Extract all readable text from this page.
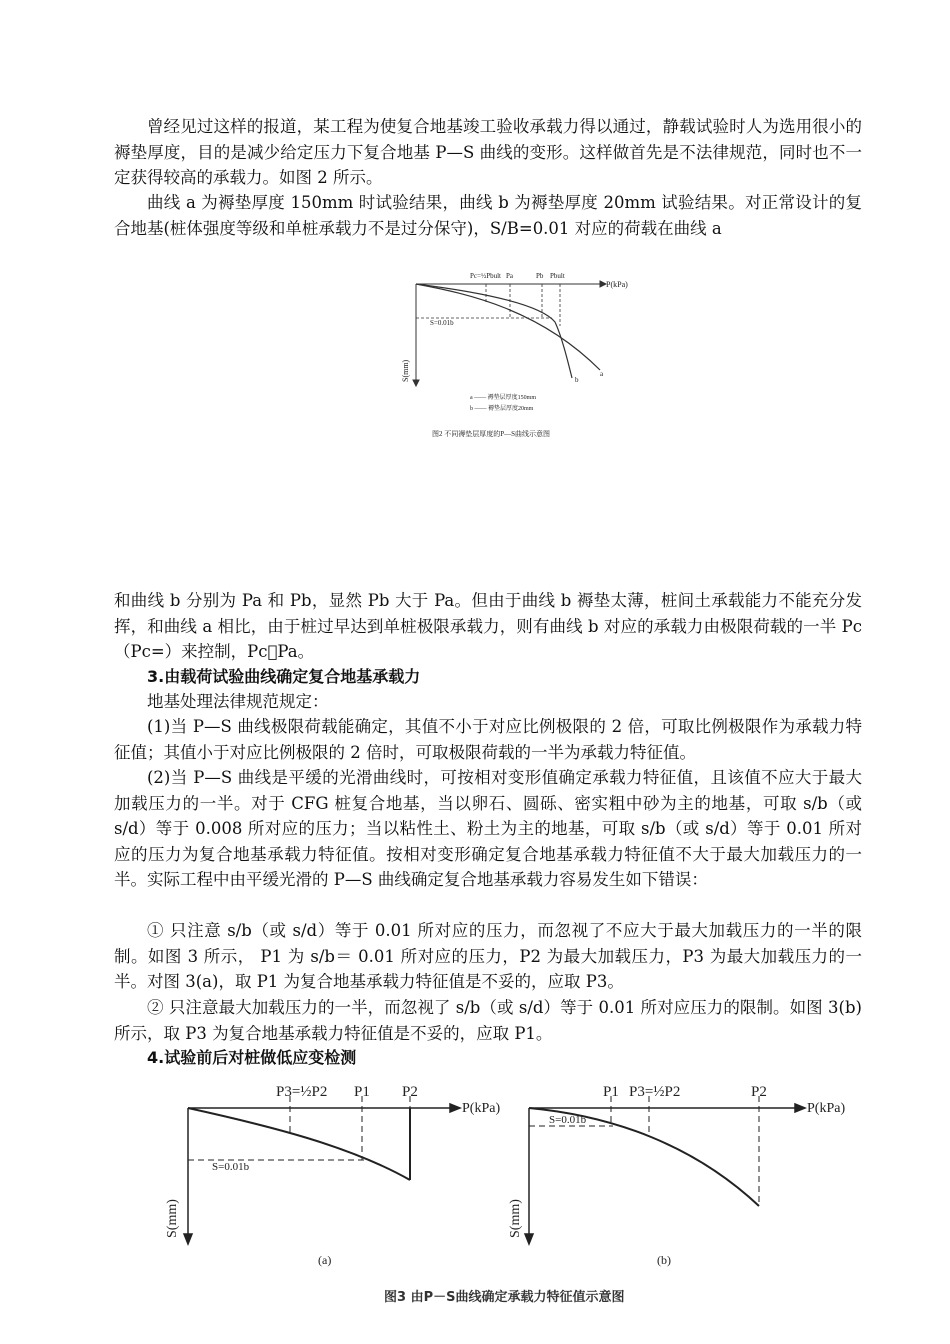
曾经见过这样的报道，某工程为使复合地基竣工验收承载力得以通过，静载试验时人为选用很小的褥垫厚度，目的是减少给定压力下复合地基 P—S 曲线的变形。这样做首先是不法律规范，同时也不一定获得较高的承载力。如图 2 所示。

曲线 a 为褥垫厚度 150mm 时试验结果，曲线 b 为褥垫厚度 20mm 试验结果。对正常设计的复合地基(桩体强度等级和单桩承载力不是过分保守)，S/B=0.01 对应的荷载在曲线 a

Pc=½Pbult Pa	Pb Pbult
P(kPa)
S(mm)
S=0.01b
a
b
a —— 褥垫层厚度150mm
b —— 褥垫层厚度20mm
图2 不同褥垫层厚度的P—S曲线示意图

和曲线 b 分别为 Pa 和 Pb，显然 Pb 大于 Pa。但由于曲线 b 褥垫太薄，桩间土承载能力不能充分发挥，和曲线 a 相比，由于桩过早达到单桩极限承载力，则有曲线 b 对应的承载力由极限荷载的一半 Pc（Pc=）来控制，Pc Pa。

3.由载荷试验曲线确定复合地基承载力

地基处理法律规范规定：

(1)当 P—S 曲线极限荷载能确定，其值不小于对应比例极限的 2 倍，可取比例极限作为承载力特征值；其值小于对应比例极限的 2 倍时，可取极限荷载的一半为承载力特征值。

(2)当 P—S 曲线是平缓的光滑曲线时，可按相对变形值确定承载力特征值，且该值不应大于最大加载压力的一半。对于 CFG 桩复合地基，当以卵石、圆砾、密实粗中砂为主的地基，可取 s/b（或 s/d）等于 0.008 所对应的压力；当以粘性土、粉土为主的地基，可取 s/b（或 s/d）等于 0.01 所对应的压力为复合地基承载力特征值。按相对变形确定复合地基承载力特征值不大于最大加载压力的一半。实际工程中由平缓光滑的 P—S 曲线确定复合地基承载力容易发生如下错误：

① 只注意 s/b（或 s/d）等于 0.01 所对应的压力，而忽视了不应大于最大加载压力的一半的限制。如图 3 所示， P1 为 s/b＝ 0.01 所对应的压力，P2 为最大加载压力，P3 为最大加载压力的一半。对图 3(a)，取 P1 为复合地基承载力特征值是不妥的，应取 P3。

② 只注意最大加载压力的一半，而忽视了 s/b（或 s/d）等于 0.01 所对应压力的限制。如图 3(b)所示，取 P3 为复合地基承载力特征值是不妥的，应取 P1。

4.试验前后对桩做低应变检测

P3=½P2 P1 P2
P(kPa)
S(mm)
S=0.01b
(a)
P1 P3=½P2	P2
P(kPa)
S(mm)
S=0.01b
(b)
图3 由P－S曲线确定承载力特征值示意图
